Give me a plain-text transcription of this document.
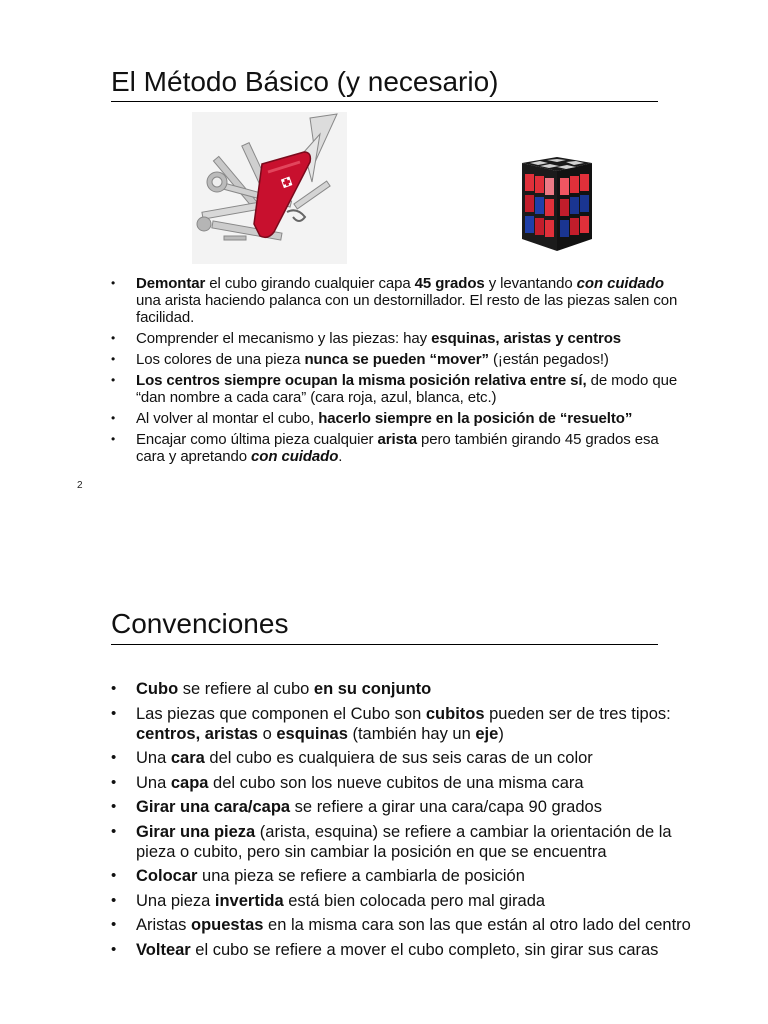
El Método Básico (y necesario)
• Demontar el cubo girando cualquier capa 45 grados y levantando con cuidado una arista haciendo palanca con un destornillador. El resto de las piezas salen con facilidad.
• Comprender el mecanismo y las piezas: hay esquinas, aristas y centros
• Los colores de una pieza nunca se pueden “mover” (¡están pegados!)
• Los centros siempre ocupan la misma posición relativa entre sí, de modo que “dan nombre a cada cara” (cara roja, azul, blanca, etc.)
• Al volver al montar el cubo, hacerlo siempre en la posición de “resuelto”
• Encajar como última pieza cualquier arista pero también girando 45 grados esa cara y apretando con cuidado.
2
Convenciones
• Cubo se refiere al cubo en su conjunto
• Las piezas que componen el Cubo son cubitos pueden ser de tres tipos: centros, aristas o esquinas (también hay un eje)
• Una cara del cubo es cualquiera de sus seis caras de un color
• Una capa del cubo son los nueve cubitos de una misma cara
• Girar una cara/capa se refiere a girar una cara/capa 90 grados
• Girar una pieza (arista, esquina) se refiere a cambiar la orientación de la pieza o cubito, pero sin cambiar la posición en que se encuentra
• Colocar una pieza se refiere a cambiarla de posición
• Una pieza invertida está bien colocada pero mal girada
• Aristas opuestas en la misma cara son las que están al otro lado del centro
• Voltear el cubo se refiere a mover el cubo completo, sin girar sus caras
